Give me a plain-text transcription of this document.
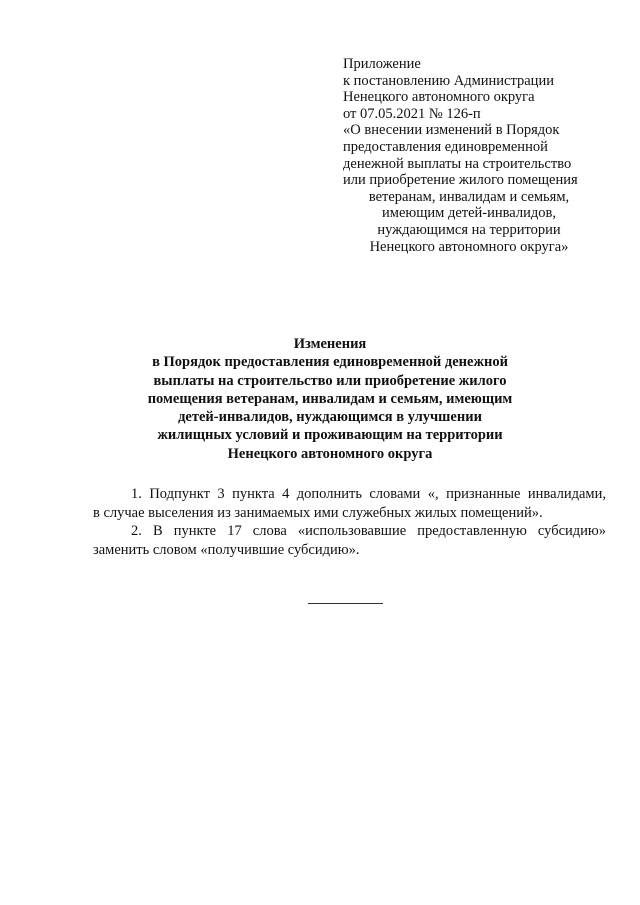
Приложение
к постановлению Администрации
Ненецкого автономного округа
от 07.05.2021 № 126-п
«О внесении изменений в Порядок
предоставления единовременной
денежной выплаты на строительство
или приобретение жилого помещения
ветеранам, инвалидам и семьям,
имеющим детей-инвалидов,
нуждающимся на территории
Ненецкого автономного округа»
Изменения
в Порядок предоставления единовременной денежной
выплаты на строительство или приобретение жилого
помещения ветеранам, инвалидам и семьям, имеющим
детей-инвалидов, нуждающимся в улучшении
жилищных условий и проживающим на территории
Ненецкого автономного округа
1. Подпункт 3 пункта 4 дополнить словами «, признанные инвалидами,
в случае выселения из занимаемых ими служебных жилых помещений».
2. В пункте 17 слова «использовавшие предоставленную субсидию»
заменить словом «получившие субсидию».
